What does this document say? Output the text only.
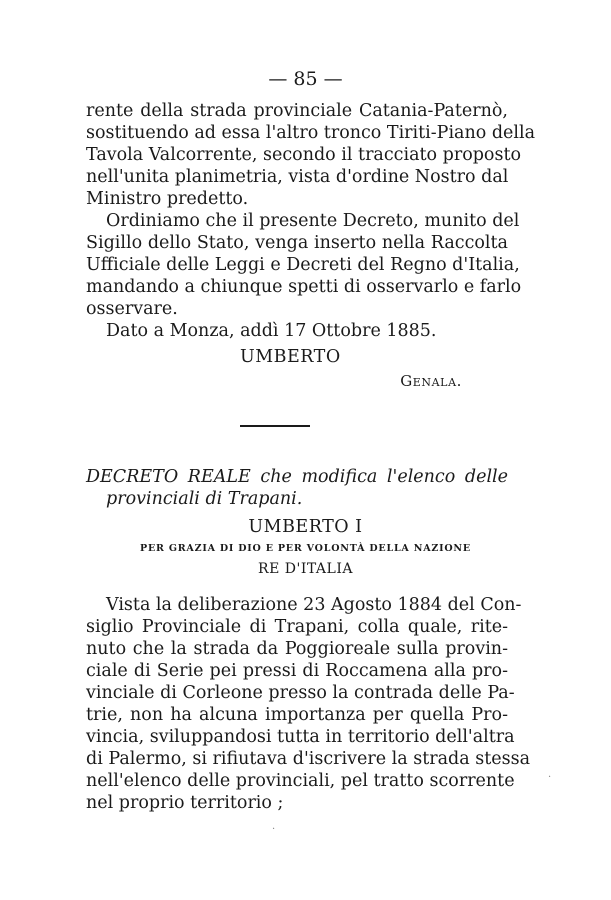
— 85 —
rente della strada provinciale Catania-Paternò,
sostituendo ad essa l'altro tronco Tiriti-Piano della
Tavola Valcorrente, secondo il tracciato proposto
nell'unita planimetria, vista d'ordine Nostro dal
Ministro predetto.
Ordiniamo che il presente Decreto, munito del
Sigillo dello Stato, venga inserto nella Raccolta
Ufficiale delle Leggi e Decreti del Regno d'Italia,
mandando a chiunque spetti di osservarlo e farlo
osservare.
Dato a Monza, addì 17 Ottobre 1885.
UMBERTO
Genala.
DECRETO REALE che modifica l'elenco delle
provinciali di Trapani.
UMBERTO I
PER GRAZIA DI DIO E PER VOLONTÀ DELLA NAZIONE
RE D'ITALIA
Vista la deliberazione 23 Agosto 1884 del Con-
siglio Provinciale di Trapani, colla quale, rite-
nuto che la strada da Poggioreale sulla provin-
ciale di Serie pei pressi di Roccamena alla pro-
vinciale di Corleone presso la contrada delle Pa-
trie, non ha alcuna importanza per quella Pro-
vincia, sviluppandosi tutta in territorio dell'altra
di Palermo, si rifiutava d'iscrivere la strada stessa
nell'elenco delle provinciali, pel tratto scorrente
nel proprio territorio ;
·
·
